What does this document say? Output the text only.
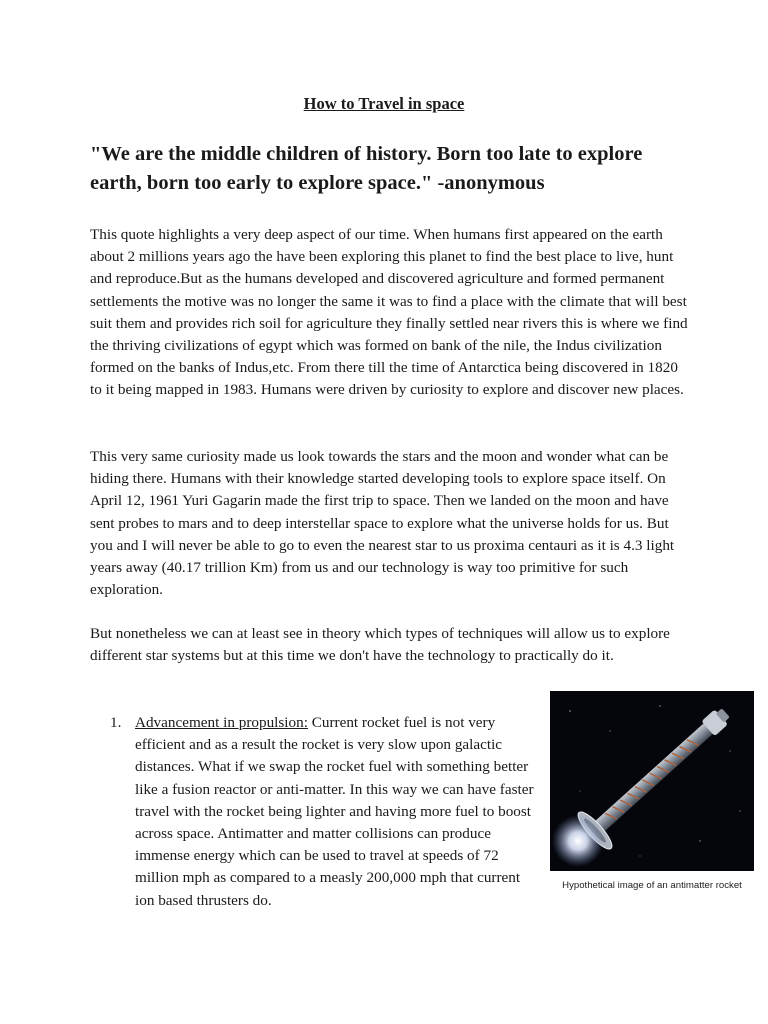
How to Travel in space

"We are the middle children of history. Born too late to explore earth, born too early to explore space." -anonymous

This quote highlights a very deep aspect of our time. When humans first appeared on the earth about 2 millions years ago the have been exploring this planet to find the best place to live, hunt and reproduce.But as the humans developed and discovered agriculture and formed permanent settlements the motive was no longer the same it was to find a place with the climate that will best suit them and provides rich soil for agriculture they finally settled near rivers this is where we find the thriving civilizations of egypt which was formed on bank of the nile, the Indus civilization formed on the banks of Indus,etc. From there till the time of Antarctica being discovered in 1820 to it being mapped in 1983. Humans were driven by curiosity to explore and discover new places.

This very same curiosity made us look towards the stars and the moon and wonder what can be hiding there. Humans with their knowledge started developing tools to explore space itself. On April 12, 1961 Yuri Gagarin made the first trip to space. Then we landed on the moon and have sent probes to mars and to deep interstellar space to explore what the universe holds for us. But you and I will never be able to go to even the nearest star to us proxima centauri as it is 4.3 light years away (40.17 trillion Km) from us and our technology is way too primitive for such exploration.

But nonetheless we can at least see in theory which types of techniques will allow us to explore different star systems but at this time we don't have the technology to practically do it.

1. Advancement in propulsion: Current rocket fuel is not very efficient and as a result the rocket is very slow upon galactic distances. What if we swap the rocket fuel with something better like a fusion reactor or anti-matter. In this way we can have faster travel with the rocket being lighter and having more fuel to boost across space. Antimatter and matter collisions can produce immense energy which can be used to travel at speeds of 72 million mph as compared to a measly 200,000 mph that current ion based thrusters do.

Hypothetical image of an antimatter rocket
